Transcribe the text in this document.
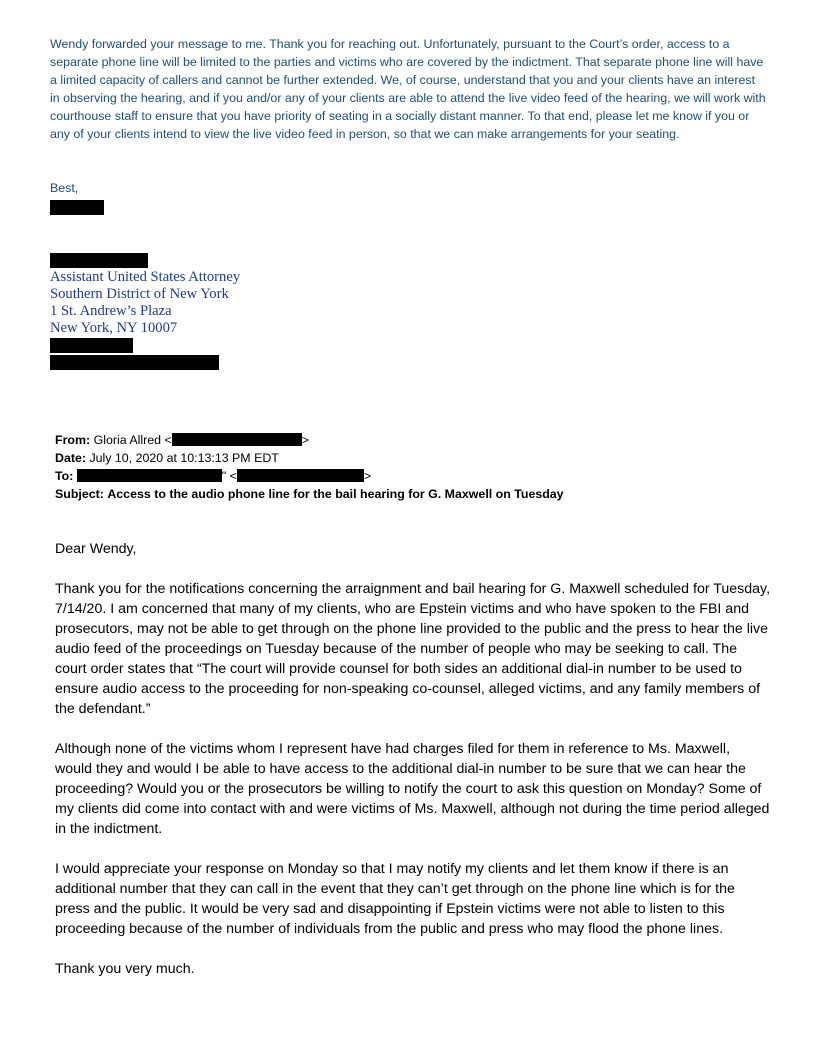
Wendy forwarded your message to me. Thank you for reaching out. Unfortunately, pursuant to the Court’s order, access to a separate phone line will be limited to the parties and victims who are covered by the indictment. That separate phone line will have a limited capacity of callers and cannot be further extended. We, of course, understand that you and your clients have an interest in observing the hearing, and if you and/or any of your clients are able to attend the live video feed of the hearing, we will work with courthouse staff to ensure that you have priority of seating in a socially distant manner. To that end, please let me know if you or any of your clients intend to view the live video feed in person, so that we can make arrangements for your seating.

Best,
Assistant United States Attorney
Southern District of New York
1 St. Andrew’s Plaza
New York, NY 10007
From: Gloria Allred <	>
Date: July 10, 2020 at 10:13:13 PM EDT
To:	" <	>
Subject: Access to the audio phone line for the bail hearing for G. Maxwell on Tuesday

Dear Wendy,

Thank you for the notifications concerning the arraignment and bail hearing for G. Maxwell scheduled for Tuesday, 7/14/20. I am concerned that many of my clients, who are Epstein victims and who have spoken to the FBI and prosecutors, may not be able to get through on the phone line provided to the public and the press to hear the live audio feed of the proceedings on Tuesday because of the number of people who may be seeking to call. The court order states that “The court will provide counsel for both sides an additional dial-in number to be used to ensure audio access to the proceeding for non-speaking co-counsel, alleged victims, and any family members of the defendant.”

Although none of the victims whom I represent have had charges filed for them in reference to Ms. Maxwell, would they and would I be able to have access to the additional dial-in number to be sure that we can hear the proceeding? Would you or the prosecutors be willing to notify the court to ask this question on Monday? Some of my clients did come into contact with and were victims of Ms. Maxwell, although not during the time period alleged in the indictment.

I would appreciate your response on Monday so that I may notify my clients and let them know if there is an additional number that they can call in the event that they can’t get through on the phone line which is for the press and the public. It would be very sad and disappointing if Epstein victims were not able to listen to this proceeding because of the number of individuals from the public and press who may flood the phone lines.

Thank you very much.
